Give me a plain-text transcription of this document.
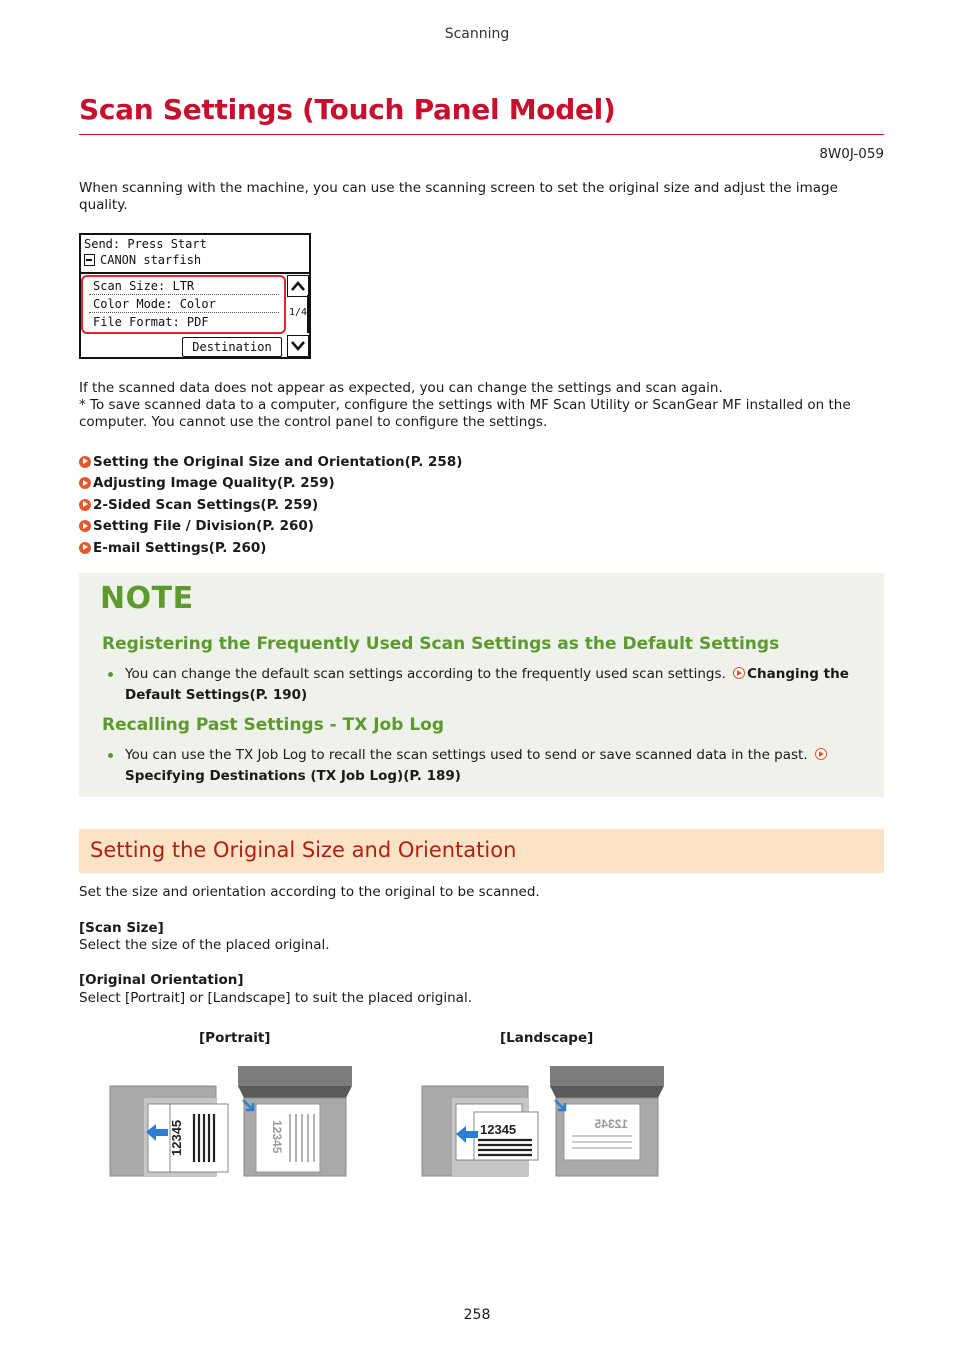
Scanning
Scan Settings (Touch Panel Model)
8W0J-059
When scanning with the machine, you can use the scanning screen to set the original size and adjust the image quality.
Send: Press Start

CANON starfish
Scan Size: LTR
Color Mode: Color
File Format: PDF
1/4
Destination
If the scanned data does not appear as expected, you can change the settings and scan again.
* To save scanned data to a computer, configure the settings with MF Scan Utility or ScanGear MF installed on the computer. You cannot use the control panel to configure the settings.
Setting the Original Size and Orientation(P. 258)
Adjusting Image Quality(P. 259)
2-Sided Scan Settings(P. 259)
Setting File / Division(P. 260)
E-mail Settings(P. 260)
NOTE
Registering the Frequently Used Scan Settings as the Default Settings
You can change the default scan settings according to the frequently used scan settings. Changing the Default Settings(P. 190)
Recalling Past Settings - TX Job Log
You can use the TX Job Log to recall the scan settings used to send or save scanned data in the past.  Specifying Destinations (TX Job Log)(P. 189)
Setting the Original Size and Orientation
Set the size and orientation according to the original to be scanned.
[Scan Size]
Select the size of the placed original.
[Original Orientation]
Select [Portrait] or [Landscape] to suit the placed original.
[Portrait]	[Landscape]
12345	12345	12345	12345
258
